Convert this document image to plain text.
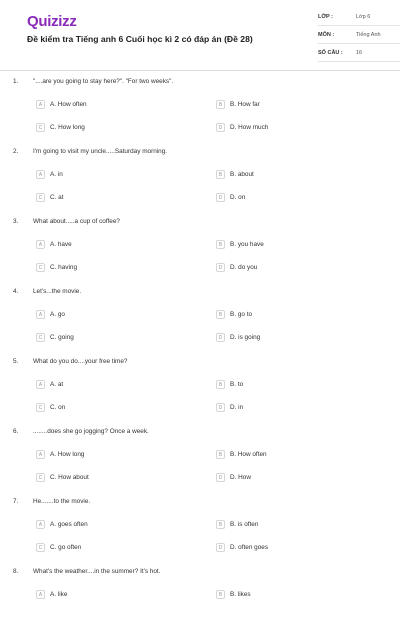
Quizizz
Đề kiểm tra Tiếng anh 6 Cuối học kì 2 có đáp án (Đề 28)
LỚP :	Lớp 6
MÔN :	Tiếng Anh
SỐ CÂU :	16
1. "....are you going to stay here?". "For two weeks".
A	A. How often	B	B. How far
C	C. How long	D	D. How much
2. I'm going to visit my uncle.....Saturday morning.
A	A. in	B	B. about
C	C. at	D	D. on
3. What about.....a cup of coffee?
A	A. have	B	B. you have
C	C. having	D	D. do you
4. Let's...the movie.
A	A. go	B	B. go to
C	C. going	D	D. is going
5. What do you do....your free time?
A	A. at	B	B. to
C	C. on	D	D. in
6. ........does she go jogging? Once a week.
A	A. How long	B	B. How often
C	C. How about	D	D. How
7. He.......to the movie.
A	A. goes often	B	B. is often
C	C. go often	D	D. often goes
8. What's the weather....in the summer? It's hot.
A	A. like	B	B. likes
